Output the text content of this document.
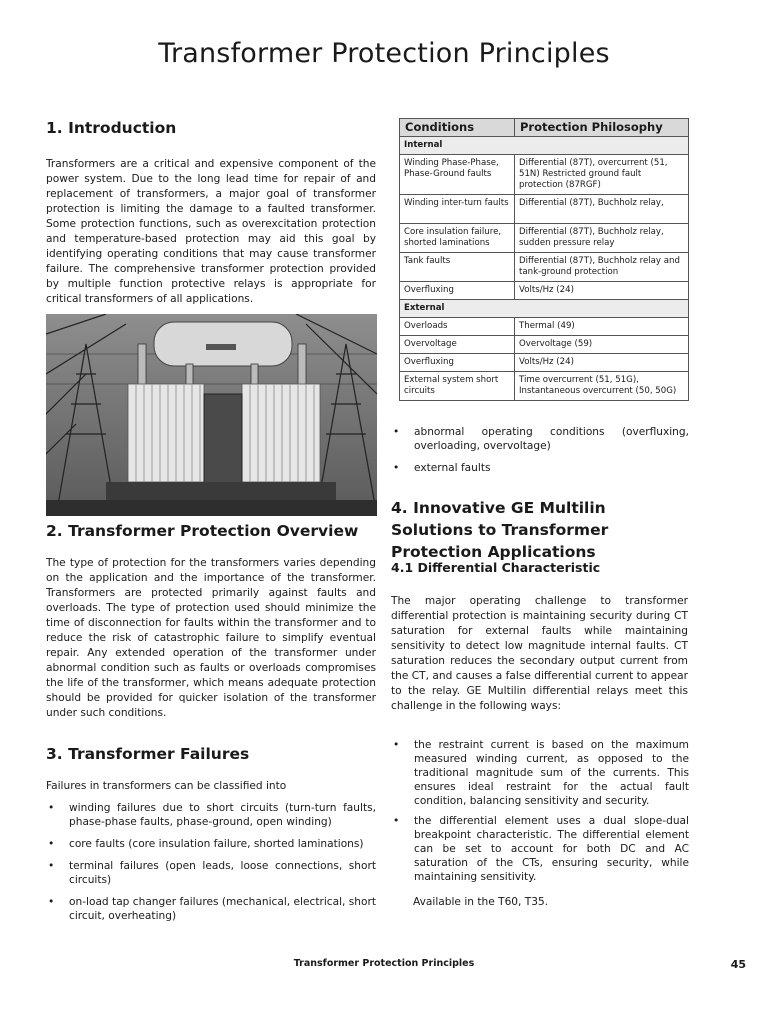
Transformer Protection Principles
1. Introduction

Transformers are a critical and expensive component of the power system. Due to the long lead time for repair of and replacement of transformers, a major goal of transformer protection is limiting the damage to a faulted transformer. Some protection functions, such as overexcitation protection and temperature-based protection may aid this goal by identifying operating conditions that may cause transformer failure. The comprehensive transformer protection provided by multiple function protective relays is appropriate for critical transformers of all applications.

2. Transformer Protection Overview

The type of protection for the transformers varies depending on the application and the importance of the transformer. Transformers are protected primarily against faults and overloads. The type of protection used should minimize the time of disconnection for faults within the transformer and to reduce the risk of catastrophic failure to simplify eventual repair. Any extended operation of the transformer under abnormal condition such as faults or overloads compromises the life of the transformer, which means adequate protection should be provided for quicker isolation of the transformer under such conditions.

3. Transformer Failures

Failures in transformers can be classified into

• winding failures due to short circuits (turn-turn faults, phase-phase faults, phase-ground, open winding)
• core faults (core insulation failure, shorted laminations)
• terminal failures (open leads, loose connections, short circuits)
• on-load tap changer failures (mechanical, electrical, short circuit, overheating)
Conditions	Protection Philosophy
Internal	
Winding Phase-Phase, Phase-Ground faults	Differential (87T), overcurrent (51, 51N) Restricted ground fault protection (87RGF)
Winding inter-turn faults	Differential (87T), Buchholz relay,
Core insulation failure, shorted laminations	Differential (87T), Buchholz relay, sudden pressure relay
Tank faults	Differential (87T), Buchholz relay and tank-ground protection
Overfluxing	Volts/Hz (24)
External	
Overloads	Thermal (49)
Overvoltage	Overvoltage (59)
Overfluxing	Volts/Hz (24)
External system short circuits	Time overcurrent (51, 51G), Instantaneous overcurrent (50, 50G)
• abnormal operating conditions (overfluxing, overloading, overvoltage)
• external faults
4. Innovative GE Multilin Solutions to Transformer Protection Applications
4.1 Differential Characteristic

The major operating challenge to transformer differential protection is maintaining security during CT saturation for external faults while maintaining sensitivity to detect low magnitude internal faults. CT saturation reduces the secondary output current from the CT, and causes a false differential current to appear to the relay. GE Multilin differential relays meet this challenge in the following ways:

• the restraint current is based on the maximum measured winding current, as opposed to the traditional magnitude sum of the currents. This ensures ideal restraint for the actual fault condition, balancing sensitivity and security.
• the differential element uses a dual slope-dual breakpoint characteristic. The differential element can be set to account for both DC and AC saturation of the CTs, ensuring security, while maintaining sensitivity.

Available in the T60, T35.

Transformer Protection Principles	45
